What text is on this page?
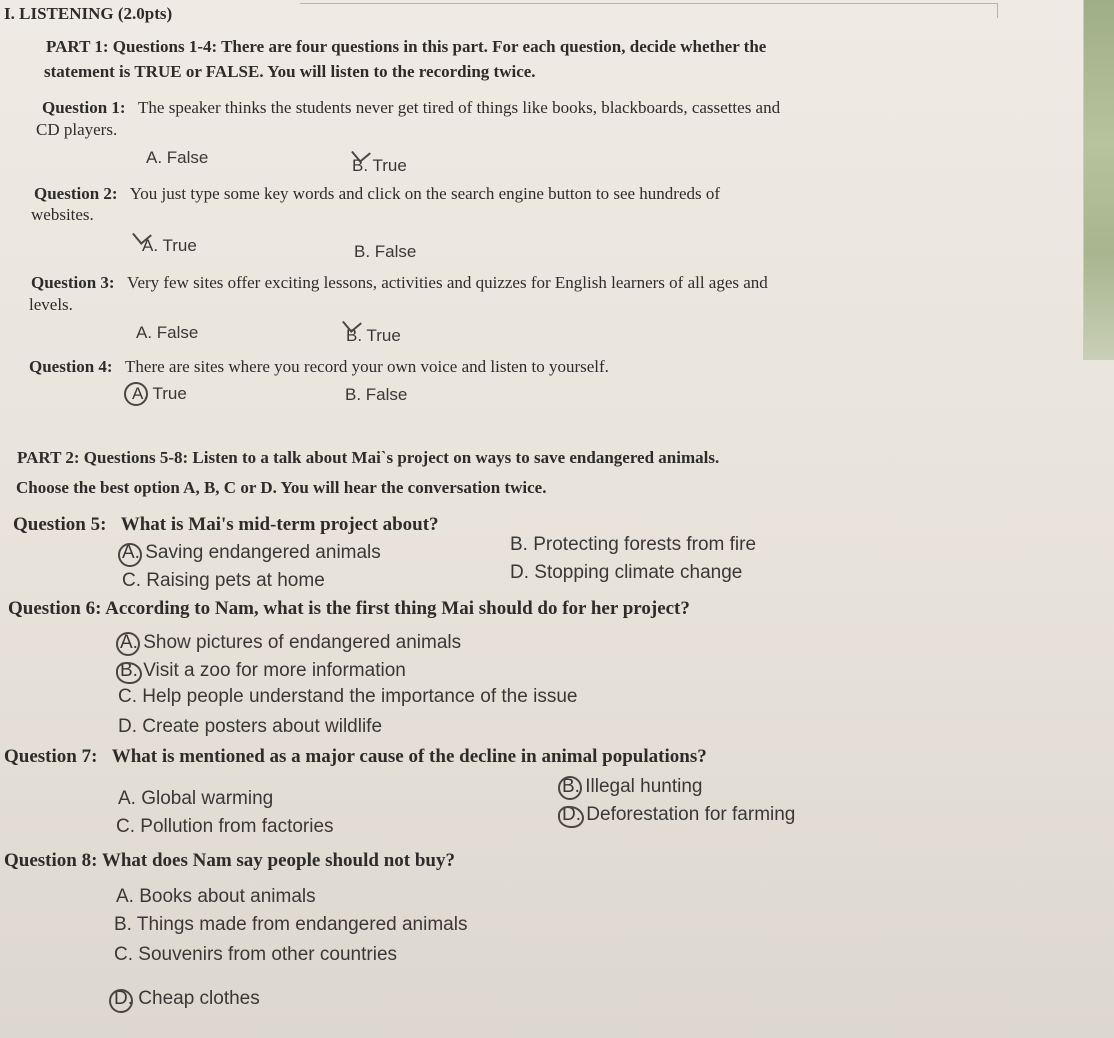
I. LISTENING (2.0pts)
PART 1: Questions 1-4: There are four questions in this part. For each question, decide whether the
statement is TRUE or FALSE. You will listen to the recording twice.
Question 1: The speaker thinks the students never get tired of things like books, blackboards, cassettes and
CD players.
A. False	B. True
Question 2: You just type some key words and click on the search engine button to see hundreds of
websites.
A. True	B. False
Question 3: Very few sites offer exciting lessons, activities and quizzes for English learners of all ages and
levels.
A. False	B. True
Question 4: There are sites where you record your own voice and listen to yourself.
A. True	B. False
PART 2: Questions 5-8: Listen to a talk about Mai`s project on ways to save endangered animals.
Choose the best option A, B, C or D. You will hear the conversation twice.
Question 5: What is Mai's mid-term project about?
A. Saving endangered animals	B. Protecting forests from fire
C. Raising pets at home	D. Stopping climate change
Question 6: According to Nam, what is the first thing Mai should do for her project?
A. Show pictures of endangered animals
B. Visit a zoo for more information
C. Help people understand the importance of the issue
D. Create posters about wildlife
Question 7: What is mentioned as a major cause of the decline in animal populations?
A. Global warming
B. Illegal hunting
C. Pollution from factories
D. Deforestation for farming
Question 8: What does Nam say people should not buy?
A. Books about animals
B. Things made from endangered animals
C. Souvenirs from other countries
D. Cheap clothes
